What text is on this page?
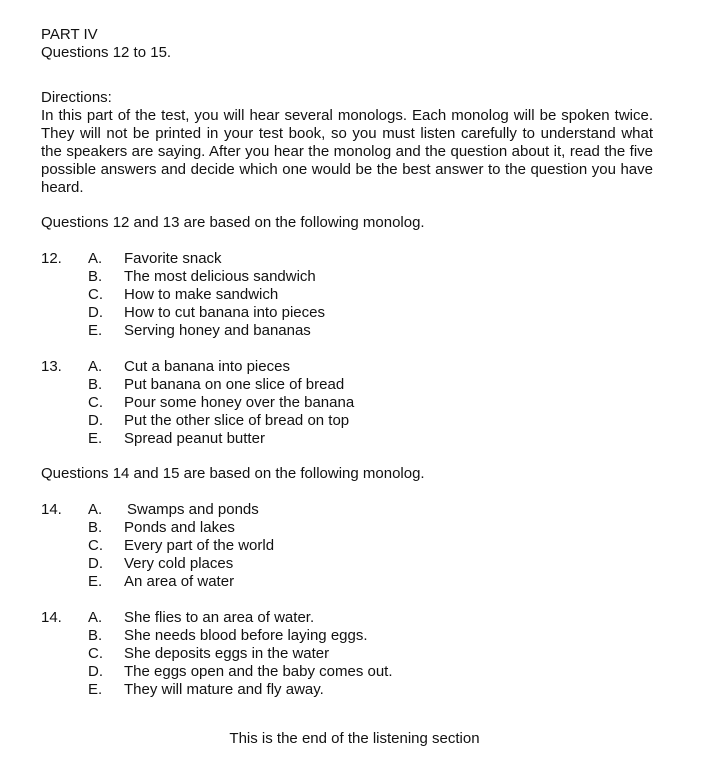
PART IV
Questions 12 to 15.
Directions:

In this part of the test, you will hear several monologs. Each monolog will be spoken twice. They will not be printed in your test book, so you must listen carefully to understand what the speakers are saying. After you hear the monolog and the question about it, read the five possible answers and decide which one would be the best answer to the question you have heard.

Questions 12 and 13 are based on the following monolog.
12.	A.	Favorite snack
B.	The most delicious sandwich
C.	How to make sandwich
D.	How to cut banana into pieces
E.	Serving honey and bananas
13.	A.	Cut a banana into pieces
B.	Put banana on one slice of bread
C.	Pour some honey over the banana
D.	Put the other slice of bread on top
E.	Spread peanut butter
Questions 14 and 15 are based on the following monolog.
14.	A.	Swamps and ponds
B.	Ponds and lakes
C.	Every part of the world
D.	Very cold places
E.	An area of water
14.	A.	She flies to an area of water.
B.	She needs blood before laying eggs.
C.	She deposits eggs in the water
D.	The eggs open and the baby comes out.
E.	They will mature and fly away.
This is the end of the listening section
